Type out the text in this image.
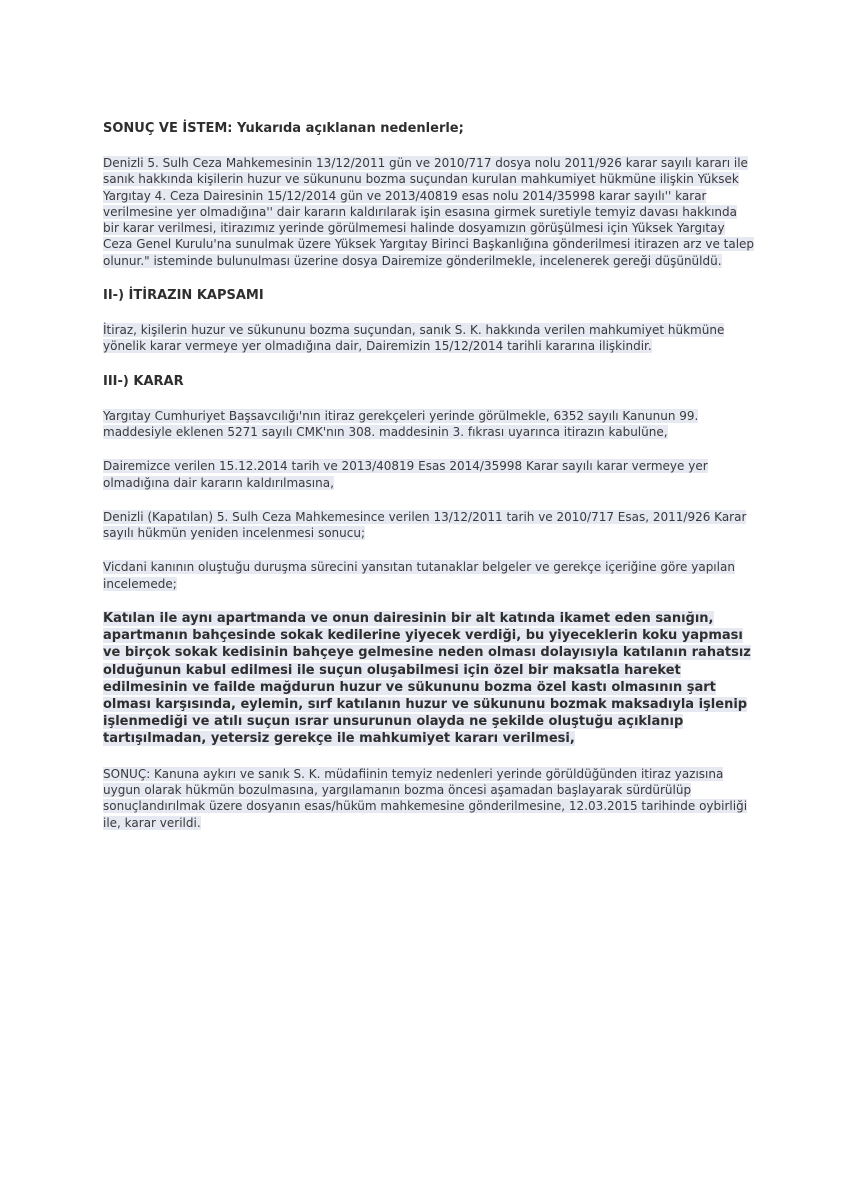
SONUÇ VE İSTEM: Yukarıda açıklanan nedenlerle;

Denizli 5. Sulh Ceza Mahkemesinin 13/12/2011 gün ve 2010/717 dosya nolu 2011/926 karar sayılı kararı ile sanık hakkında kişilerin huzur ve sükununu bozma suçundan kurulan mahkumiyet hükmüne ilişkin Yüksek Yargıtay 4. Ceza Dairesinin 15/12/2014 gün ve 2013/40819 esas nolu 2014/35998 karar sayılı'' karar verilmesine yer olmadığına'' dair kararın kaldırılarak işin esasına girmek suretiyle temyiz davası hakkında bir karar verilmesi, itirazımız yerinde görülmemesi halinde dosyamızın görüşülmesi için Yüksek Yargıtay Ceza Genel Kurulu'na sunulmak üzere Yüksek Yargıtay Birinci Başkanlığına gönderilmesi itirazen arz ve talep olunur." isteminde bulunulması üzerine dosya Dairemize gönderilmekle, incelenerek gereği düşünüldü.

II-) İTİRAZIN KAPSAMI

İtiraz, kişilerin huzur ve sükununu bozma suçundan, sanık S. K. hakkında verilen mahkumiyet hükmüne yönelik karar vermeye yer olmadığına dair, Dairemizin 15/12/2014 tarihli kararına ilişkindir.

III-) KARAR

Yargıtay Cumhuriyet Başsavcılığı'nın itiraz gerekçeleri yerinde görülmekle, 6352 sayılı Kanunun 99. maddesiyle eklenen 5271 sayılı CMK'nın 308. maddesinin 3. fıkrası uyarınca itirazın kabulüne,

Dairemizce verilen 15.12.2014 tarih ve 2013/40819 Esas 2014/35998 Karar sayılı karar vermeye yer olmadığına dair kararın kaldırılmasına,

Denizli (Kapatılan) 5. Sulh Ceza Mahkemesince verilen 13/12/2011 tarih ve 2010/717 Esas, 2011/926 Karar sayılı hükmün yeniden incelenmesi sonucu;

Vicdani kanının oluştuğu duruşma sürecini yansıtan tutanaklar belgeler ve gerekçe içeriğine göre yapılan incelemede;

Katılan ile aynı apartmanda ve onun dairesinin bir alt katında ikamet eden sanığın, apartmanın bahçesinde sokak kedilerine yiyecek verdiği, bu yiyeceklerin koku yapması ve birçok sokak kedisinin bahçeye gelmesine neden olması dolayısıyla katılanın rahatsız olduğunun kabul edilmesi ile suçun oluşabilmesi için özel bir maksatla hareket edilmesinin ve failde mağdurun huzur ve sükununu bozma özel kastı olmasının şart olması karşısında, eylemin, sırf katılanın huzur ve sükununu bozmak maksadıyla işlenip işlenmediği ve atılı suçun ısrar unsurunun olayda ne şekilde oluştuğu açıklanıp tartışılmadan, yetersiz gerekçe ile mahkumiyet kararı verilmesi,

SONUÇ: Kanuna aykırı ve sanık S. K. müdafiinin temyiz nedenleri yerinde görüldüğünden itiraz yazısına uygun olarak hükmün bozulmasına, yargılamanın bozma öncesi aşamadan başlayarak sürdürülüp sonuçlandırılmak üzere dosyanın esas/hüküm mahkemesine gönderilmesine, 12.03.2015 tarihinde oybirliği ile, karar verildi.
